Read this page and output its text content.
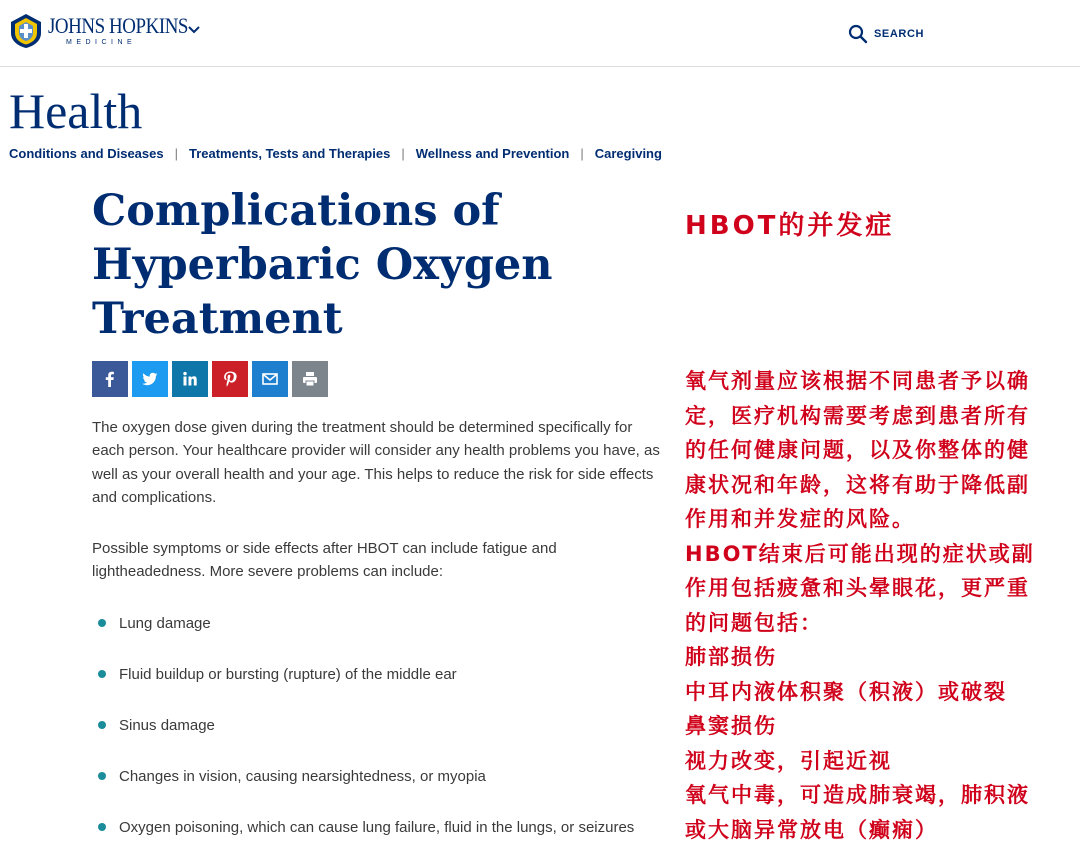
JOHNS HOPKINS
MEDICINE
SEARCH
Health
Conditions and Diseases | Treatments, Tests and Therapies | Wellness and Prevention | Caregiving
Complications of
Hyperbaric Oxygen
Treatment

The oxygen dose given during the treatment should be determined specifically for each person. Your healthcare provider will consider any health problems you have, as well as your overall health and your age. This helps to reduce the risk for side effects and complications.

Possible symptoms or side effects after HBOT can include fatigue and lightheadedness. More severe problems can include:

Lung damage
Fluid buildup or bursting (rupture) of the middle ear
Sinus damage
Changes in vision, causing nearsightedness, or myopia
Oxygen poisoning, which can cause lung failure, fluid in the lungs, or seizures
HBOT的并发症
氧气剂量应该根据不同患者予以确
定，医疗机构需要考虑到患者所有
的任何健康问题，以及你整体的健
康状况和年龄，这将有助于降低副
作用和并发症的风险。
HBOT结束后可能出现的症状或副
作用包括疲惫和头晕眼花，更严重
的问题包括：
肺部损伤
中耳内液体积聚（积液）或破裂
鼻窦损伤
视力改变，引起近视
氧气中毒，可造成肺衰竭，肺积液
或大脑异常放电（癫痫）
